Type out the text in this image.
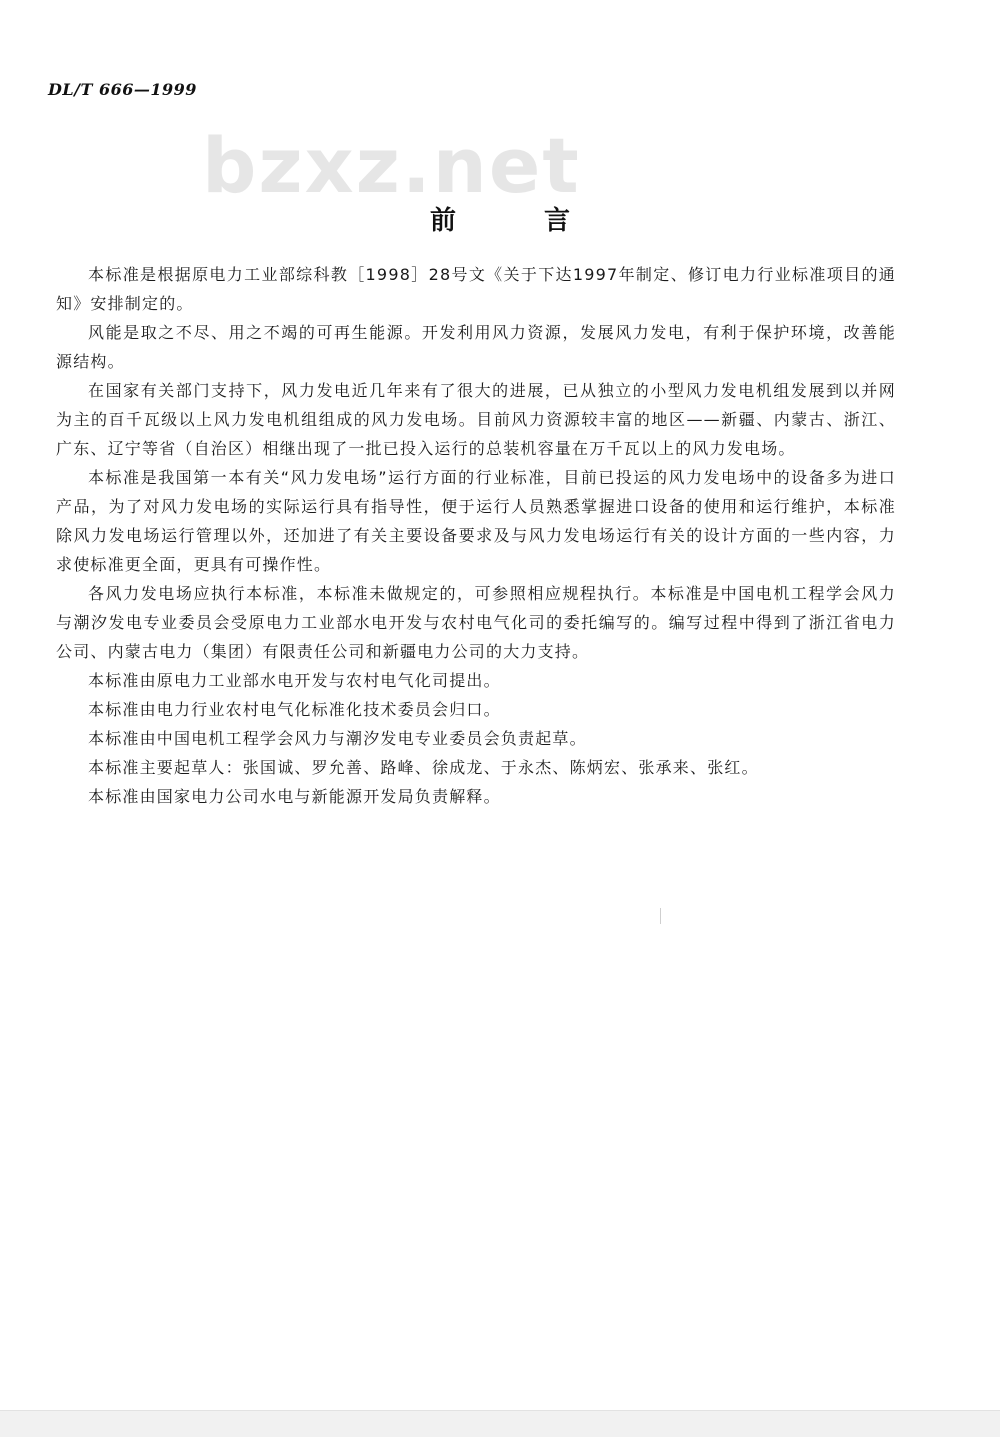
DL/T 666—1999
bzxz.net
前言

本标准是根据原电力工业部综科教［1998］28号文《关于下达1997年制定、修订电力行业标准项目的通知》安排制定的。

风能是取之不尽、用之不竭的可再生能源。开发利用风力资源，发展风力发电，有利于保护环境，改善能源结构。

在国家有关部门支持下，风力发电近几年来有了很大的进展，已从独立的小型风力发电机组发展到以并网为主的百千瓦级以上风力发电机组组成的风力发电场。目前风力资源较丰富的地区——新疆、内蒙古、浙江、广东、辽宁等省（自治区）相继出现了一批已投入运行的总装机容量在万千瓦以上的风力发电场。

本标准是我国第一本有关“风力发电场”运行方面的行业标准，目前已投运的风力发电场中的设备多为进口产品，为了对风力发电场的实际运行具有指导性，便于运行人员熟悉掌握进口设备的使用和运行维护，本标准除风力发电场运行管理以外，还加进了有关主要设备要求及与风力发电场运行有关的设计方面的一些内容，力求使标准更全面，更具有可操作性。

各风力发电场应执行本标准，本标准未做规定的，可参照相应规程执行。本标准是中国电机工程学会风力与潮汐发电专业委员会受原电力工业部水电开发与农村电气化司的委托编写的。编写过程中得到了浙江省电力公司、内蒙古电力（集团）有限责任公司和新疆电力公司的大力支持。

本标准由原电力工业部水电开发与农村电气化司提出。

本标准由电力行业农村电气化标准化技术委员会归口。

本标准由中国电机工程学会风力与潮汐发电专业委员会负责起草。

本标准主要起草人：张国诚、罗允善、路峰、徐成龙、于永杰、陈炳宏、张承来、张红。

本标准由国家电力公司水电与新能源开发局负责解释。
